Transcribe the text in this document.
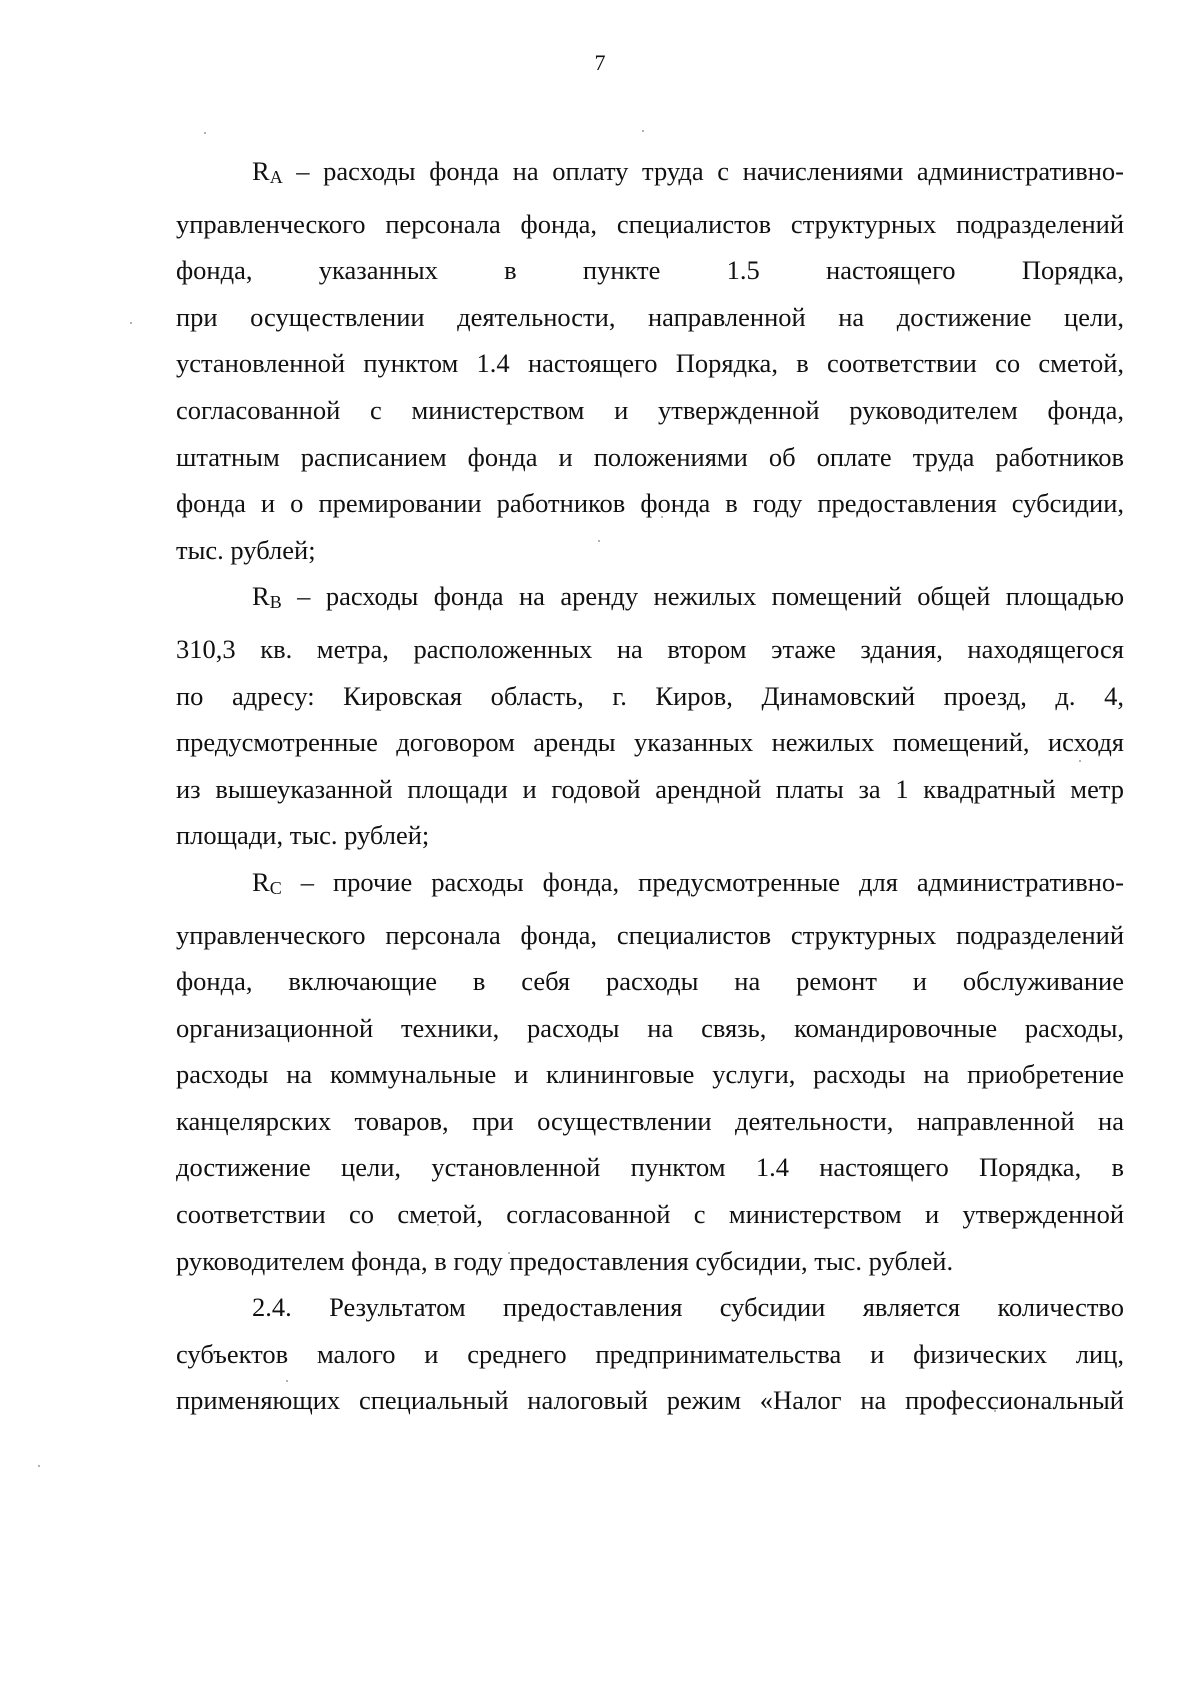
7
RA – расходы фонда на оплату труда с начислениями административно-
управленческого персонала фонда, специалистов структурных подразделений
фонда, указанных в пункте 1.5 настоящего Порядка,
при осуществлении деятельности, направленной на достижение цели,
установленной пунктом 1.4 настоящего Порядка, в соответствии со сметой,
согласованной с министерством и утвержденной руководителем фонда,
штатным расписанием фонда и положениями об оплате труда работников
фонда и о премировании работников фонда в году предоставления субсидии,
тыс. рублей;
RB – расходы фонда на аренду нежилых помещений общей площадью
310,3 кв. метра, расположенных на втором этаже здания, находящегося
по адресу: Кировская область, г. Киров, Динамовский проезд, д. 4,
предусмотренные договором аренды указанных нежилых помещений, исходя
из вышеуказанной площади и годовой арендной платы за 1 квадратный метр
площади, тыс. рублей;
RC – прочие расходы фонда, предусмотренные для административно-
управленческого персонала фонда, специалистов структурных подразделений
фонда, включающие в себя расходы на ремонт и обслуживание
организационной техники, расходы на связь, командировочные расходы,
расходы на коммунальные и клининговые услуги, расходы на приобретение
канцелярских товаров, при осуществлении деятельности, направленной на
достижение цели, установленной пунктом 1.4 настоящего Порядка, в
соответствии со сметой, согласованной с министерством и утвержденной
руководителем фонда, в году предоставления субсидии, тыс. рублей.
2.4. Результатом предоставления субсидии является количество
субъектов малого и среднего предпринимательства и физических лиц,
применяющих специальный налоговый режим «Налог на профессиональный
